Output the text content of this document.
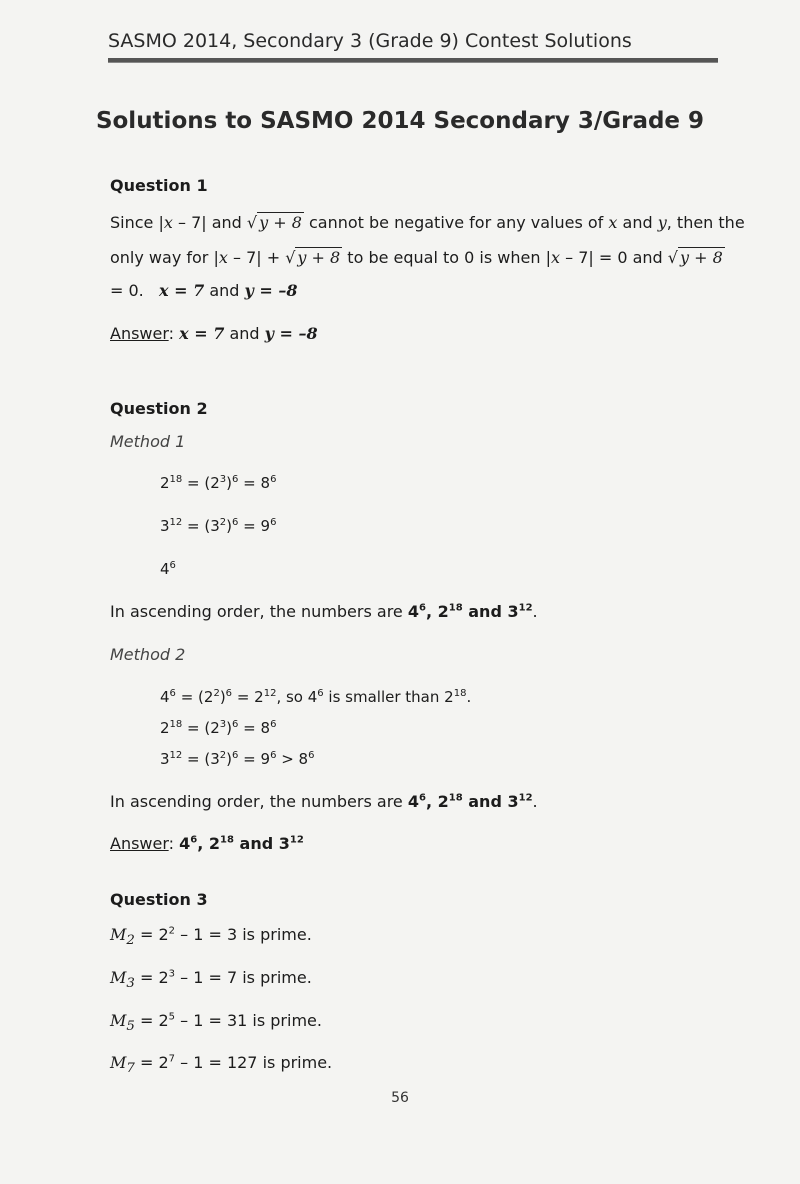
SASMO 2014, Secondary 3 (Grade 9) Contest Solutions
Solutions to SASMO 2014 Secondary 3/Grade 9
Question 1
Since |x – 7| and √ y + 8 cannot be negative for any values of x and y, then the
only way for |x – 7| + √ y + 8 to be equal to 0 is when |x – 7| = 0 and √ y + 8
= 0. x = 7 and y = –8
Answer: x = 7 and y = –8
Question 2
Method 1
$2^{18} = (2^3)^6 = 8^6$
$3^{12} = (3^2)^6 = 9^6$
$4^6$
In ascending order, the numbers are $4^6$, $2^{18}$ and $3^{12}$.
Method 2
$4^6 = (2^2)^6 = 2^{12}$, so $4^6$ is smaller than $2^{18}$.
$2^{18} = (2^3)^6 = 8^6$
$3^{12} = (3^2)^6 = 9^6 > 8^6$
In ascending order, the numbers are $4^6$, $2^{18}$ and $3^{12}$.
Answer: $4^6$, $2^{18}$ and $3^{12}$
Question 3
$M_2 = 2^2 - 1 = 3$ is prime.
$M_3 = 2^3 - 1 = 7$ is prime.
$M_5 = 2^5 - 1 = 31$ is prime.
$M_7 = 2^7 - 1 = 127$ is prime.
56
